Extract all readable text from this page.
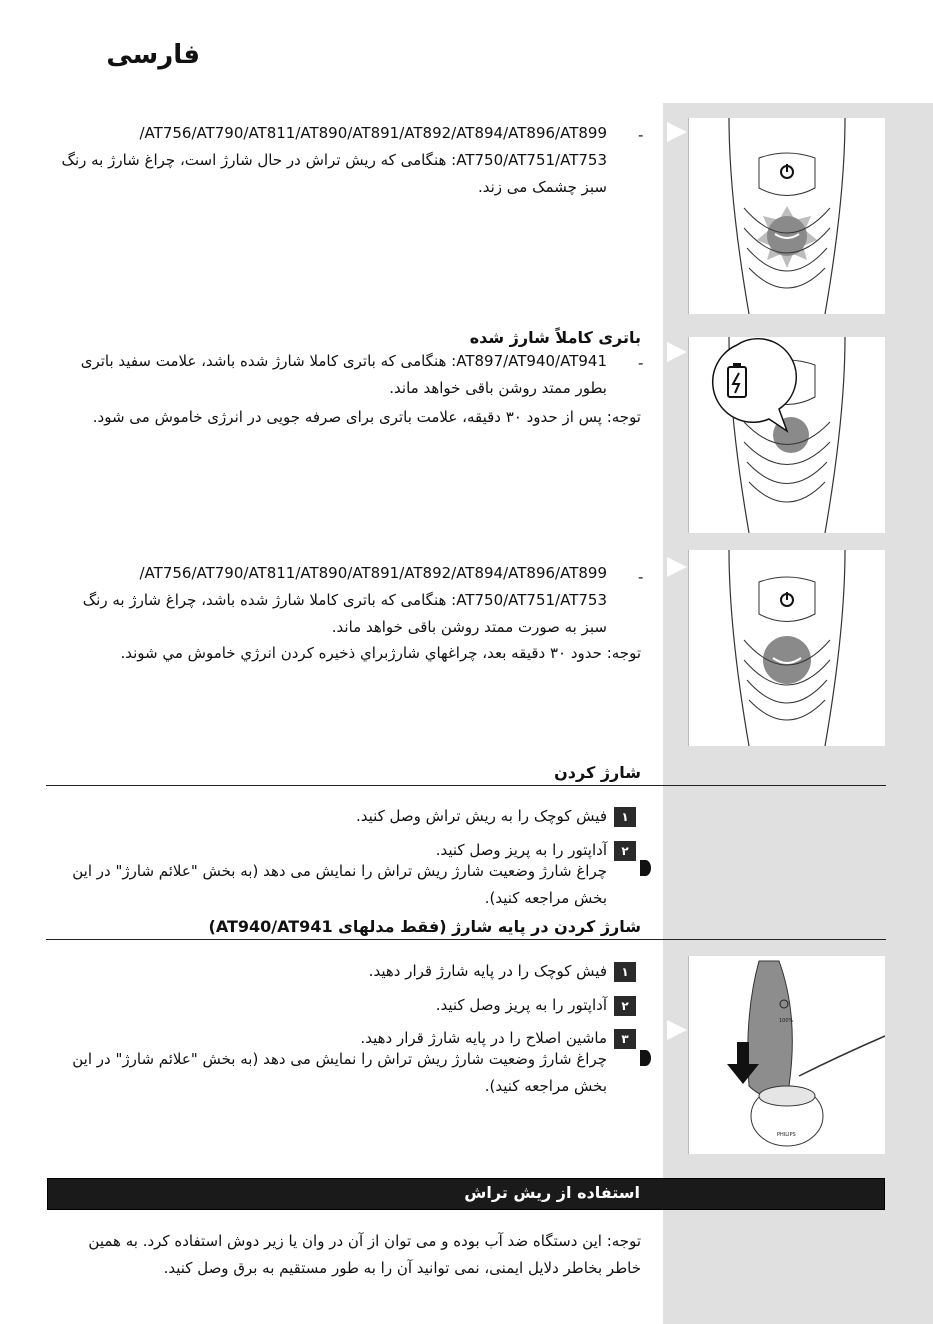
فارسی
-
/AT756/AT790/AT811/AT890/AT891/AT892/AT894/AT896/AT899
AT750/AT751/AT753: هنگامی که ریش تراش در حال شارژ است، چراغ شارژ به رنگ
سبز چشمک می زند.
باتری کاملاً شارژ شده
-
AT897/AT940/AT941: هنگامی که باتری کاملا شارژ شده باشد، علامت سفید باتری
بطور ممتد روشن باقی خواهد ماند.
توجه: پس از حدود ۳۰ دقیقه، علامت باتری برای صرفه جویی در انرژی خاموش می شود.
-
/AT756/AT790/AT811/AT890/AT891/AT892/AT894/AT896/AT899
AT750/AT751/AT753: هنگامی که باتری کاملا شارژ شده باشد، چراغ شارژ به رنگ
سبز به صورت ممتد روشن باقی خواهد ماند.
توجه: حدود ۳۰ دقیقه بعد، چراغهاي شارژبراي ذخيره كردن انرژي خاموش مي شوند.
شارژ کردن
۱
فیش کوچک را به ریش تراش وصل کنید.
۲
آداپتور را به پریز وصل کنید.
چراغ شارژ وضعیت شارژ ریش تراش را نمایش می دهد (به بخش "علائم شارژ" در این
بخش مراجعه کنید).
شارژ کردن در پایه شارژ (فقط مدلهای AT940/AT941)
۱
فیش کوچک را در پایه شارژ قرار دهید.
۲
آداپتور را به پریز وصل کنید.
۳
ماشین اصلاح را در پایه شارژ قرار دهید.
چراغ شارژ وضعیت شارژ ریش تراش را نمایش می دهد (به بخش "علائم شارژ" در این
بخش مراجعه کنید).
100%
PHILIPS
استفاده از ریش تراش
توجه: این دستگاه ضد آب بوده و می توان از آن در وان یا زیر دوش استفاده کرد. به همین
خاطر بخاطر دلایل ایمنی، نمی توانید آن را به طور مستقیم به برق وصل کنید.
